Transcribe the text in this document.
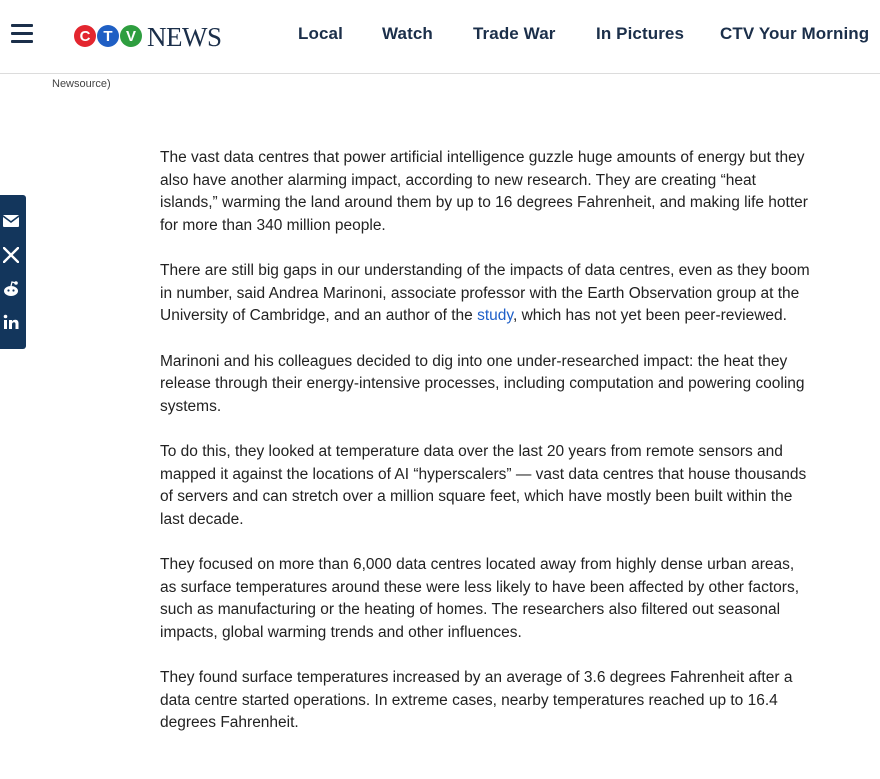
C T V NEWS	Local Watch Trade War In Pictures CTV Your Morning
Newsource)

The vast data centres that power artificial intelligence guzzle huge amounts of energy but they also have another alarming impact, according to new research. They are creating “heat islands,” warming the land around them by up to 16 degrees Fahrenheit, and making life hotter for more than 340 million people.

There are still big gaps in our understanding of the impacts of data centres, even as they boom in number, said Andrea Marinoni, associate professor with the Earth Observation group at the University of Cambridge, and an author of the study, which has not yet been peer-reviewed.

Marinoni and his colleagues decided to dig into one under-researched impact: the heat they release through their energy-intensive processes, including computation and powering cooling systems.

To do this, they looked at temperature data over the last 20 years from remote sensors and mapped it against the locations of AI “hyperscalers” — vast data centres that house thousands of servers and can stretch over a million square feet, which have mostly been built within the last decade.

They focused on more than 6,000 data centres located away from highly dense urban areas, as surface temperatures around these were less likely to have been affected by other factors, such as manufacturing or the heating of homes. The researchers also filtered out seasonal impacts, global warming trends and other influences.

They found surface temperatures increased by an average of 3.6 degrees Fahrenheit after a data centre started operations. In extreme cases, nearby temperatures reached up to 16.4 degrees Fahrenheit.
